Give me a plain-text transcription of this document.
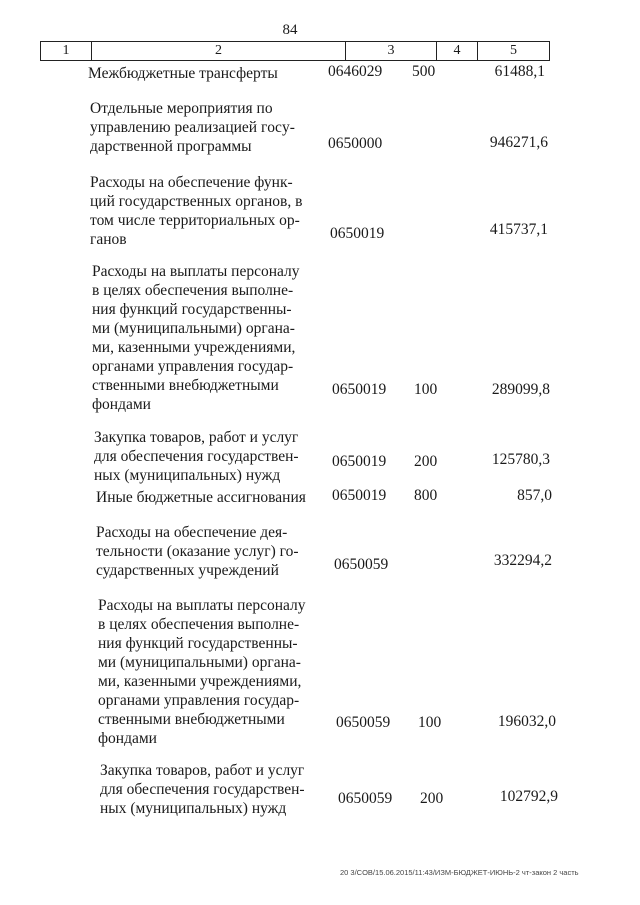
84
1	2	3	4	5
Межбюджетные трансферты	0646029 500	61488,1
Отдельные мероприятия по
управлению реализацией гocy-
дарственной программы	0650000	946271,6
Расходы на обеспечение функ-
ций государственных органов, в
том числе территориальных ор-
ганов	0650019	415737,1
Расходы на выплаты персоналу
в целях обеспечения выполне-
ния функций государственны-
ми (муниципальными) органа-
ми, казенными учреждениями,
органами управления государ-
ственными внебюджетными
фондами
0650019 100	289099,8
Закупка товаров, работ и услуг
для обеспечения государствен-
ных (муниципальных) нужд
0650019 200	125780,3
Иные бюджетные ассигнования 0650019 800	857,0
Расходы на обеспечение дея-
тельности (оказание услуг) го-
сударственных учреждений	0650059	332294,2
Расходы на выплаты персоналу
в целях обеспечения выполне-
ния функций государственны-
ми (муниципальными) органа-
ми, казенными учреждениями,
органами управления государ-
ственными внебюджетными
фондами
0650059 100	196032,0
Закупка товаров, работ и услуг
для обеспечения государствен-
ных (муниципальных) нужд
0650059 200	102792,9
20 3/COB/15.06.2015/11:43/ИЗМ-БЮДЖЕТ-ИЮНЬ-2 чт-закон 2 часть
